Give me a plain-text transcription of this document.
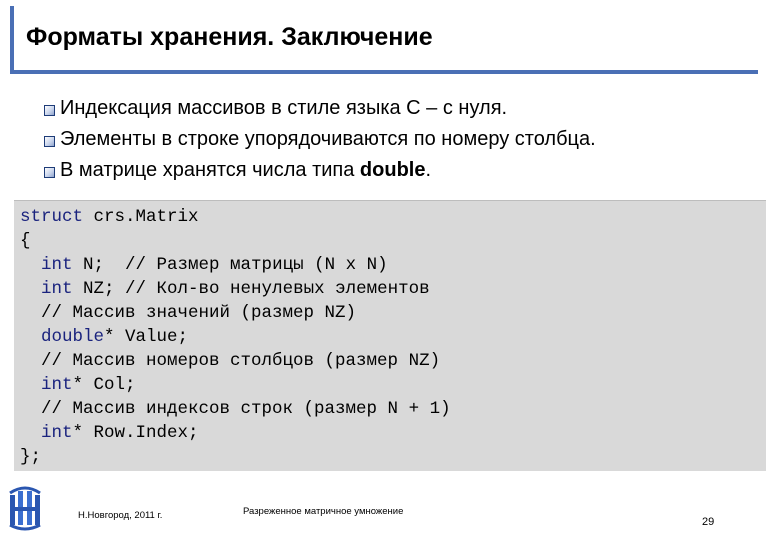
Форматы хранения. Заключение
Индексация массивов в стиле языка С – с нуля.
Элементы в строке упорядочиваются по номеру столбца.
В матрице хранятся числа типа double.
struct crs.Matrix
{
int N;  // Размер матрицы (N x N)
int NZ; // Кол-во ненулевых элементов
// Массив значений (размер NZ)
double* Value;
// Массив номеров столбцов (размер NZ)
int* Col;
// Массив индексов строк (размер N + 1)
int* Row.Index;
};
Н.Новгород, 2011 г.	Разреженное матричное умножение
29
